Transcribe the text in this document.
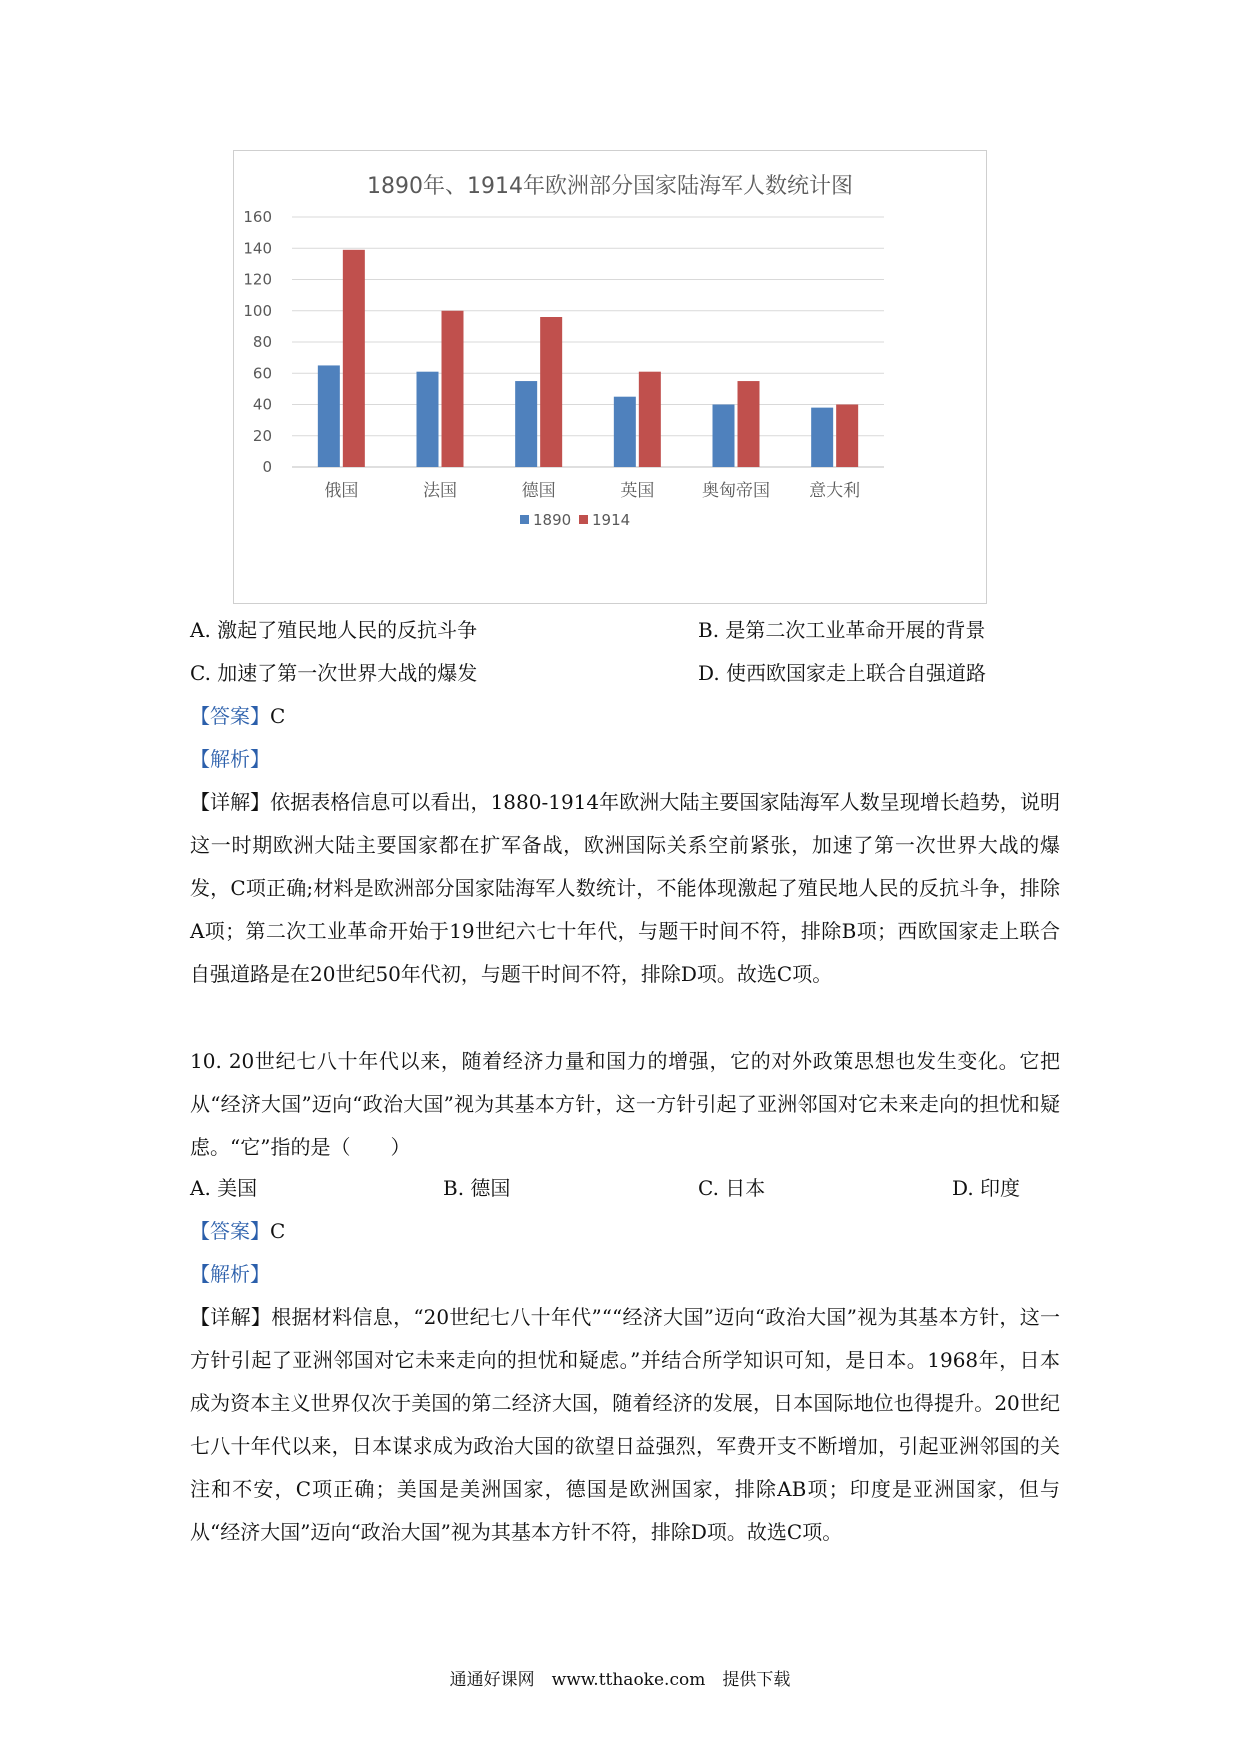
1890年、1914年欧洲部分国家陆海军人数统计图
0
20
40
60
80
100
120
140
160
俄国	法国	德国	英国	奥匈帝国 意大利
1890 1914
A. 激起了殖民地人民的反抗斗争	B. 是第二次工业革命开展的背景
C. 加速了第一次世界大战的爆发	D. 使西欧国家走上联合自强道路
【答案】C
【解析】
【详解】依据表格信息可以看出，1880-1914年欧洲大陆主要国家陆海军人数呈现增长趋势，说明这一时期欧洲大陆主要国家都在扩军备战，欧洲国际关系空前紧张，加速了第一次世界大战的爆发，C项正确;材料是欧洲部分国家陆海军人数统计，不能体现激起了殖民地人民的反抗斗争，排除A项；第二次工业革命开始于19世纪六七十年代，与题干时间不符，排除B项；西欧国家走上联合自强道路是在20世纪50年代初，与题干时间不符，排除D项。故选C项。
10. 20世纪七八十年代以来，随着经济力量和国力的增强，它的对外政策思想也发生变化。它把从“经济大国”迈向“政治大国”视为其基本方针，这一方针引起了亚洲邻国对它未来走向的担忧和疑虑。“它”指的是（　　）
A. 美国	B. 德国	C. 日本	D. 印度
【答案】C
【解析】
【详解】根据材料信息，“20世纪七八十年代”““经济大国”迈向“政治大国”视为其基本方针，这一方针引起了亚洲邻国对它未来走向的担忧和疑虑。”并结合所学知识可知，是日本。1968年，日本成为资本主义世界仅次于美国的第二经济大国，随着经济的发展，日本国际地位也得提升。20世纪七八十年代以来，日本谋求成为政治大国的欲望日益强烈，军费开支不断增加，引起亚洲邻国的关注和不安，C项正确；美国是美洲国家，德国是欧洲国家，排除AB项；印度是亚洲国家，但与从“经济大国”迈向“政治大国”视为其基本方针不符，排除D项。故选C项。
通通好课网　www.tthaoke.com　提供下载
